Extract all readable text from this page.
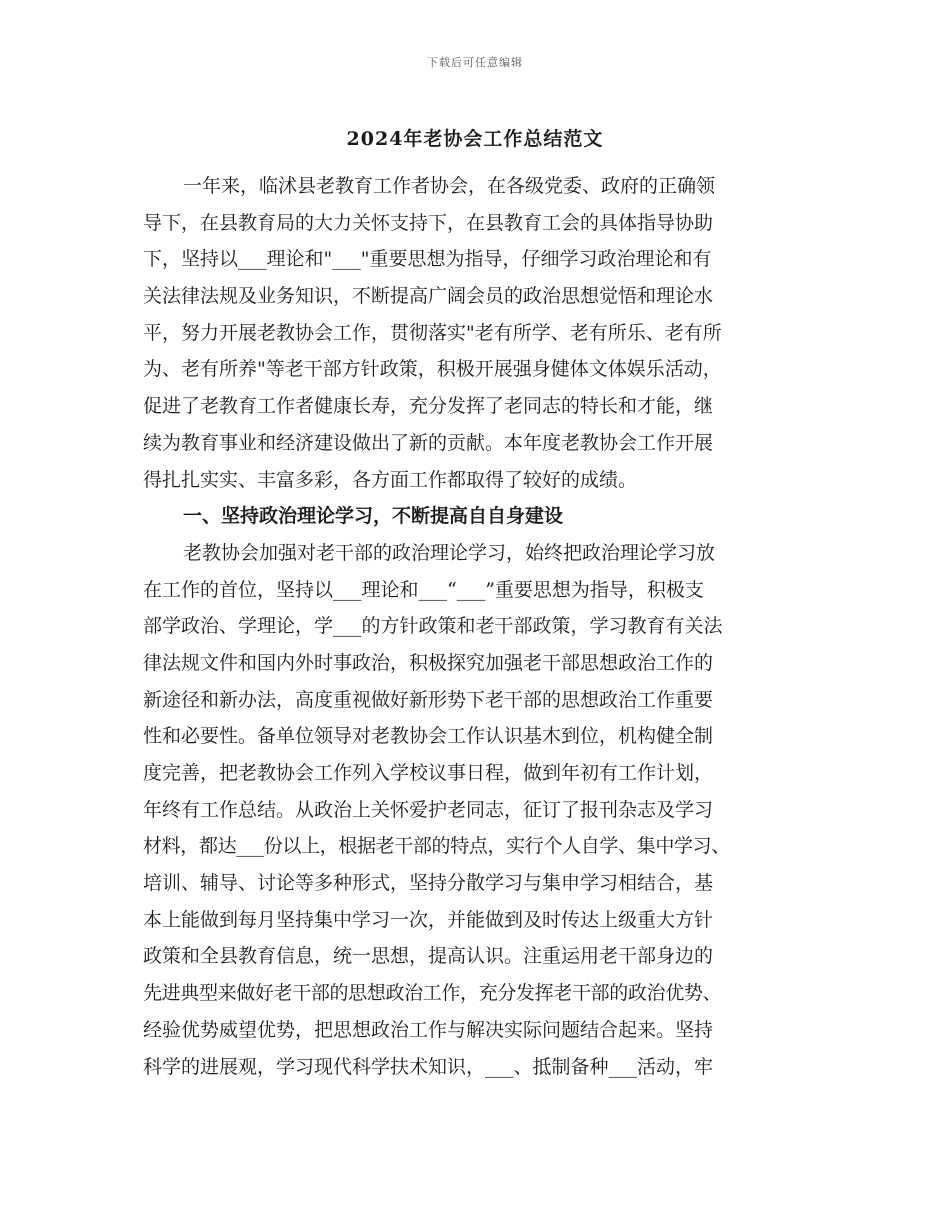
下载后可任意编辑
2024年老协会工作总结范文
一年来，临沭县老教育工作者协会，在各级党委、政府的正确领
导下，在县教育局的大力关怀支持下，在县教育工会的具体指导协助
下，坚持以___理论和"___"重要思想为指导，仔细学习政治理论和有
关法律法规及业务知识，不断提高广阔会员的政治思想觉悟和理论水
平，努力开展老教协会工作，贯彻落实"老有所学、老有所乐、老有所
为、老有所养"等老干部方针政策，积极开展强身健体文体娱乐活动，
促进了老教育工作者健康长寿，充分发挥了老同志的特长和才能，继
续为教育事业和经济建设做出了新的贡献。本年度老教协会工作开展
得扎扎实实、丰富多彩，各方面工作都取得了较好的成绩。
一、坚持政治理论学习，不断提高自自身建设
老教协会加强对老干部的政治理论学习，始终把政治理论学习放
在工作的首位，坚持以___理论和___“___”重要思想为指导，积极支
部学政治、学理论，学___的方针政策和老干部政策，学习教育有关法
律法规文件和国内外时事政治，积极探究加强老干部思想政治工作的
新途径和新办法，高度重视做好新形势下老干部的思想政治工作重要
性和必要性。备单位领导对老教协会工作认识基木到位，机构健全制
度完善，把老教协会工作列入学校议事日程，做到年初有工作计划，
年终有工作总结。从政治上关怀爱护老同志，征订了报刊杂志及学习
材料，都达___份以上，根据老干部的特点，实行个人自学、集中学习、
培训、辅导、讨论等多种形式，坚持分散学习与集申学习相结合，基
本上能做到每月坚持集中学习一次，并能做到及时传达上级重大方针
政策和全县教育信息，统一思想，提高认识。注重运用老干部身边的
先进典型来做好老干部的思想政治工作，充分发挥老干部的政治优势、
经验优势威望优势，把思想政治工作与解决实际问题结合起来。坚持
科学的进展观，学习现代科学扶术知识，___、抵制备种___活动，牢
